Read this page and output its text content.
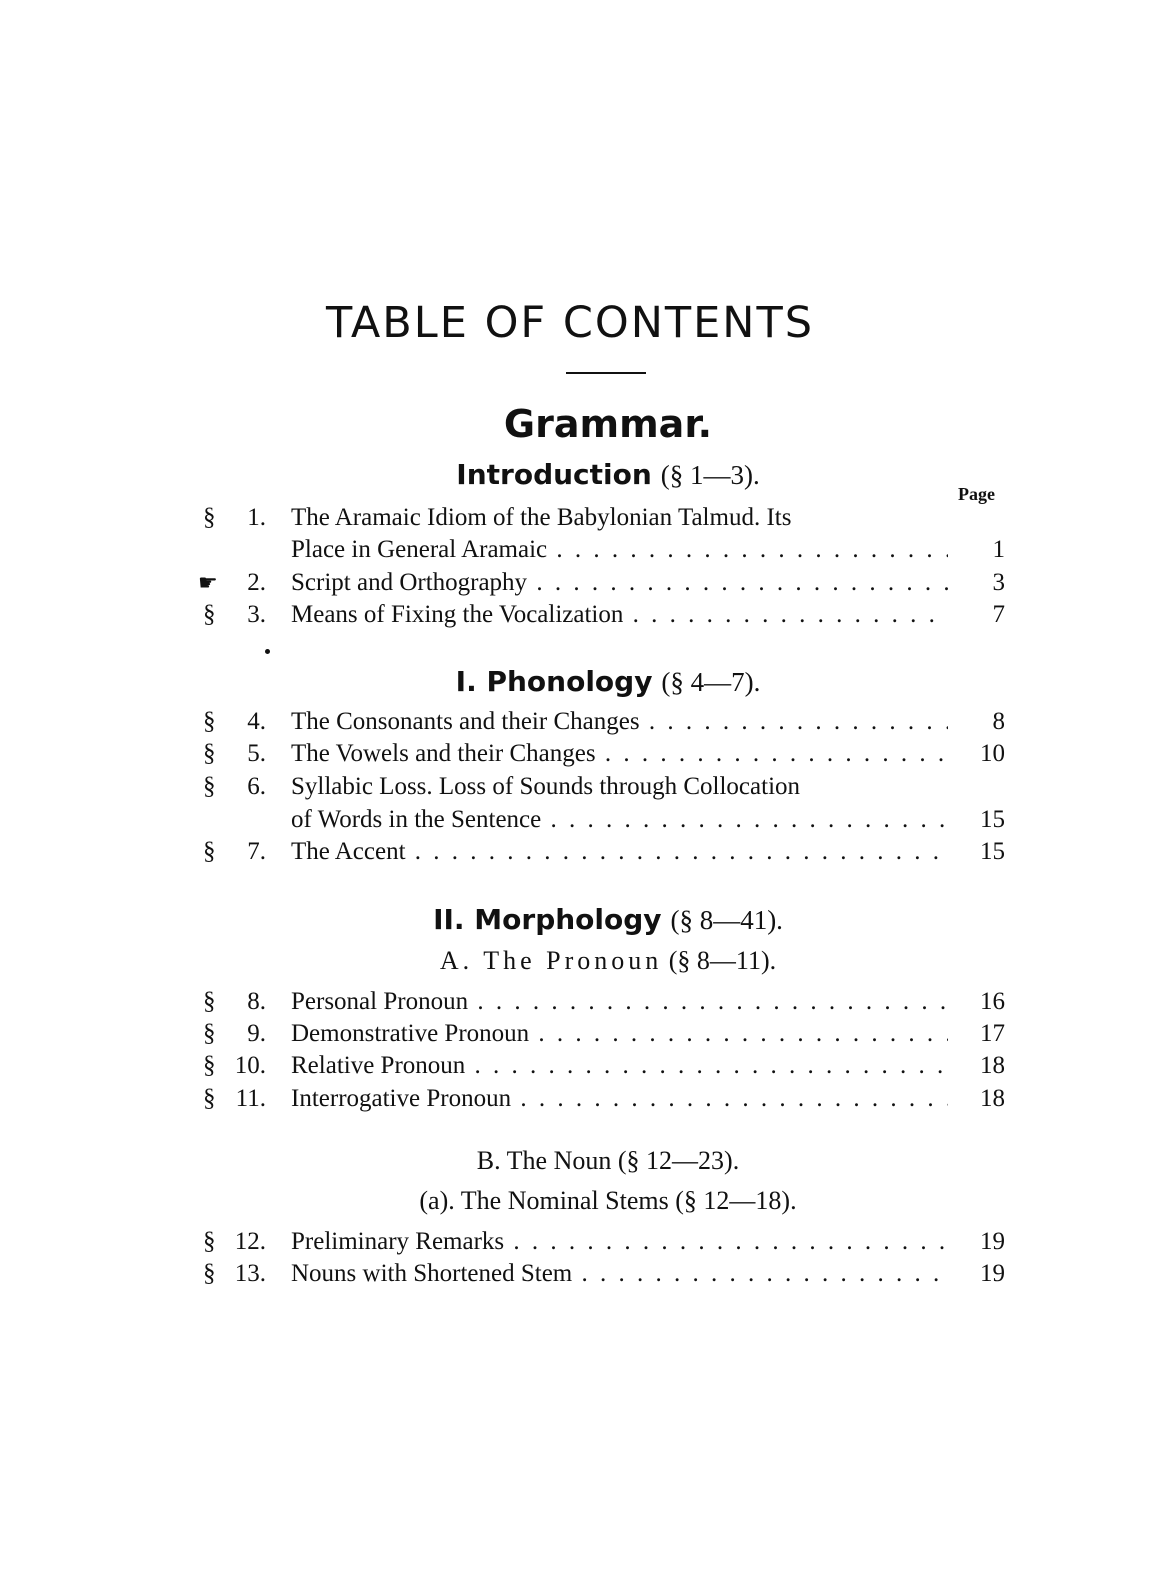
TABLE OF CONTENTS
Grammar.
Introduction (§ 1—3).
Page
§	1. The Aramaic Idiom of the Babylonian Talmud. Its
Place in General Aramaic . . .	1
2. Script and Orthography . . .	3
☛
§	3. Means of Fixing the Vocalization . . .	7
I. Phonology (§ 4—7).
§	4. The Consonants and their Changes . . .	8
§	5. The Vowels and their Changes . . .	10
§	6. Syllabic Loss. Loss of Sounds through Collocation
of Words in the Sentence . . .	15
§	7. The Accent . . .	15
II. Morphology (§ 8—41).
A. The Pronoun (§ 8—11).
§	8. Personal Pronoun . . .	16
§	9. Demonstrative Pronoun . . .	17
§ 10. Relative Pronoun . . .	18
§ 11. Interrogative Pronoun . . .	18
B. The Noun (§ 12—23).
(a). The Nominal Stems (§ 12—18).
§ 12. Preliminary Remarks . . .	19
§ 13. Nouns with Shortened Stem . . .	19
